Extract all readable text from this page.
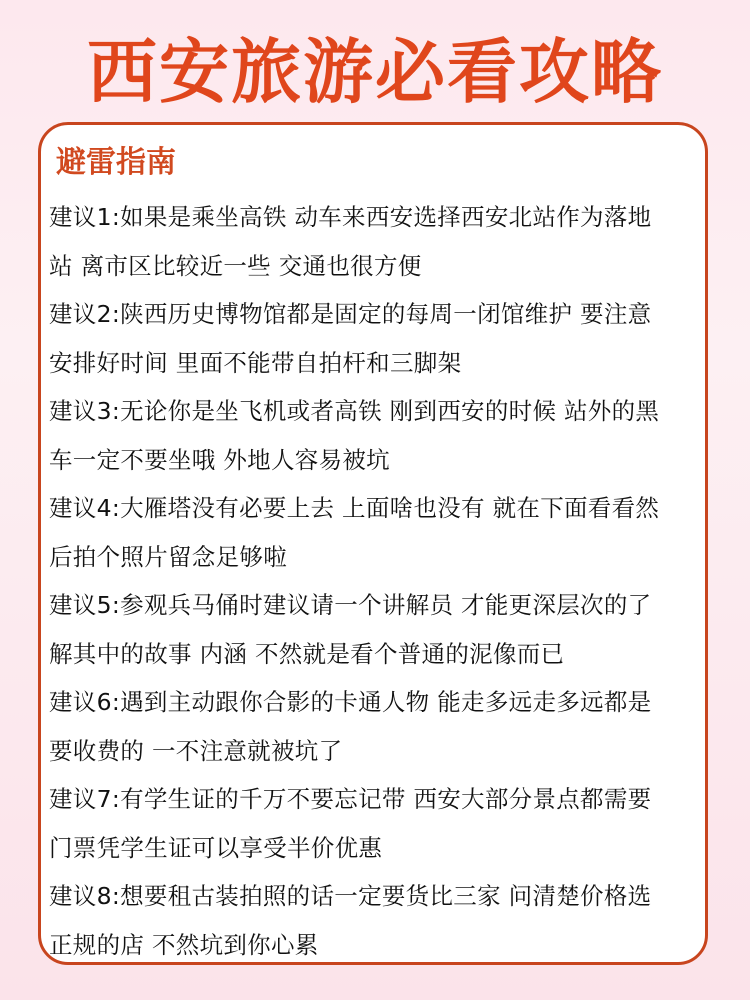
西安旅游必看攻略
避雷指南
建议1:如果是乘坐高铁 动车来西安选择西安北站作为落地
站 离市区比较近一些 交通也很方便
建议2:陕西历史博物馆都是固定的每周一闭馆维护 要注意
安排好时间 里面不能带自拍杆和三脚架
建议3:无论你是坐飞机或者高铁 刚到西安的时候 站外的黑
车一定不要坐哦 外地人容易被坑
建议4:大雁塔没有必要上去 上面啥也没有 就在下面看看然
后拍个照片留念足够啦
建议5:参观兵马俑时建议请一个讲解员 才能更深层次的了
解其中的故事 内涵 不然就是看个普通的泥像而已
建议6:遇到主动跟你合影的卡通人物 能走多远走多远都是
要收费的 一不注意就被坑了
建议7:有学生证的千万不要忘记带 西安大部分景点都需要
门票凭学生证可以享受半价优惠
建议8:想要租古装拍照的话一定要货比三家 问清楚价格选
正规的店 不然坑到你心累
